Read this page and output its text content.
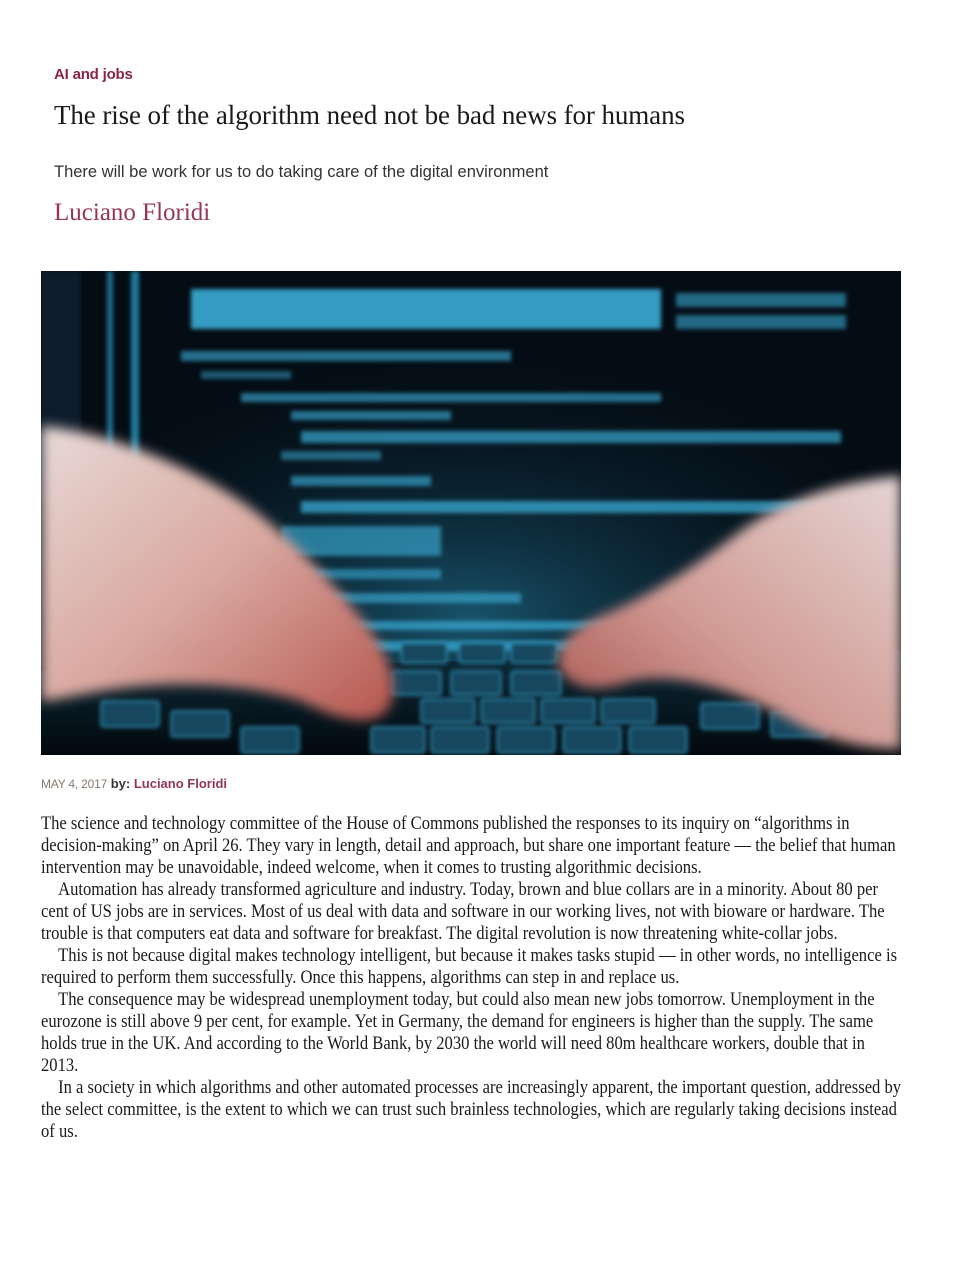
AI and jobs
The rise of the algorithm need not be bad news for humans

There will be work for us to do taking care of the digital environment

Luciano Floridi
MAY 4, 2017 by: Luciano Floridi

The science and technology committee of the House of Commons published the responses to its inquiry on “algorithms in decision-making” on April 26. They vary in length, detail and approach, but share one important feature — the belief that human intervention may be unavoidable, indeed welcome, when it comes to trusting algorithmic decisions.

Automation has already transformed agriculture and industry. Today, brown and blue collars are in a minority. About 80 per cent of US jobs are in services. Most of us deal with data and software in our working lives, not with bioware or hardware. The trouble is that computers eat data and software for breakfast. The digital revolution is now threatening white-collar jobs.

This is not because digital makes technology intelligent, but because it makes tasks stupid — in other words, no intelligence is required to perform them successfully. Once this happens, algorithms can step in and replace us.

The consequence may be widespread unemployment today, but could also mean new jobs tomorrow. Unemployment in the eurozone is still above 9 per cent, for example. Yet in Germany, the demand for engineers is higher than the supply. The same holds true in the UK. And according to the World Bank, by 2030 the world will need 80m healthcare workers, double that in 2013.

In a society in which algorithms and other automated processes are increasingly apparent, the important question, addressed by the select committee, is the extent to which we can trust such brainless technologies, which are regularly taking decisions instead of us.
